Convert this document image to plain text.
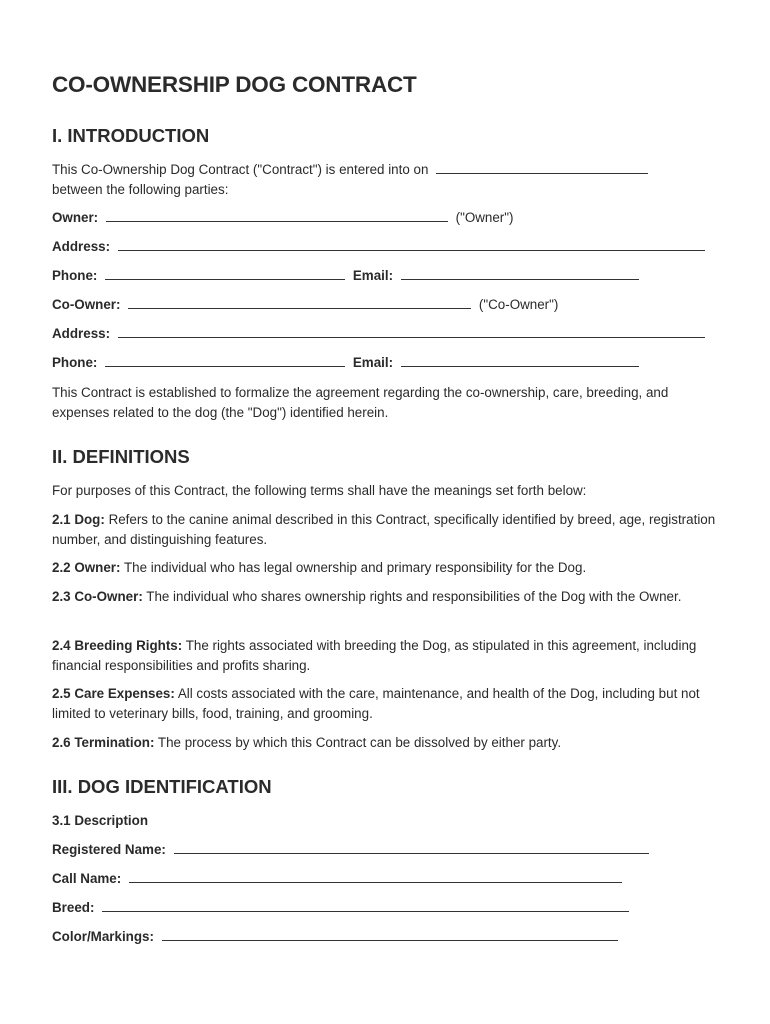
CO-OWNERSHIP DOG CONTRACT
I. INTRODUCTION

This Co-Ownership Dog Contract ("Contract") is entered into on
between the following parties:

Owner:	("Owner")
Address:
Phone:	Email:
Co-Owner:	("Co-Owner")
Address:
Phone:	Email:

This Contract is established to formalize the agreement regarding the co-ownership, care, breeding, and expenses related to the dog (the "Dog") identified herein.

II. DEFINITIONS

For purposes of this Contract, the following terms shall have the meanings set forth below:

2.1 Dog: Refers to the canine animal described in this Contract, specifically identified by breed, age, registration number, and distinguishing features.

2.2 Owner: The individual who has legal ownership and primary responsibility for the Dog.

2.3 Co-Owner: The individual who shares ownership rights and responsibilities of the Dog with the Owner.

2.4 Breeding Rights: The rights associated with breeding the Dog, as stipulated in this agreement, including financial responsibilities and profits sharing.

2.5 Care Expenses: All costs associated with the care, maintenance, and health of the Dog, including but not limited to veterinary bills, food, training, and grooming.

2.6 Termination: The process by which this Contract can be dissolved by either party.

III. DOG IDENTIFICATION
3.1 Description
Registered Name:
Call Name:
Breed:
Color/Markings:
